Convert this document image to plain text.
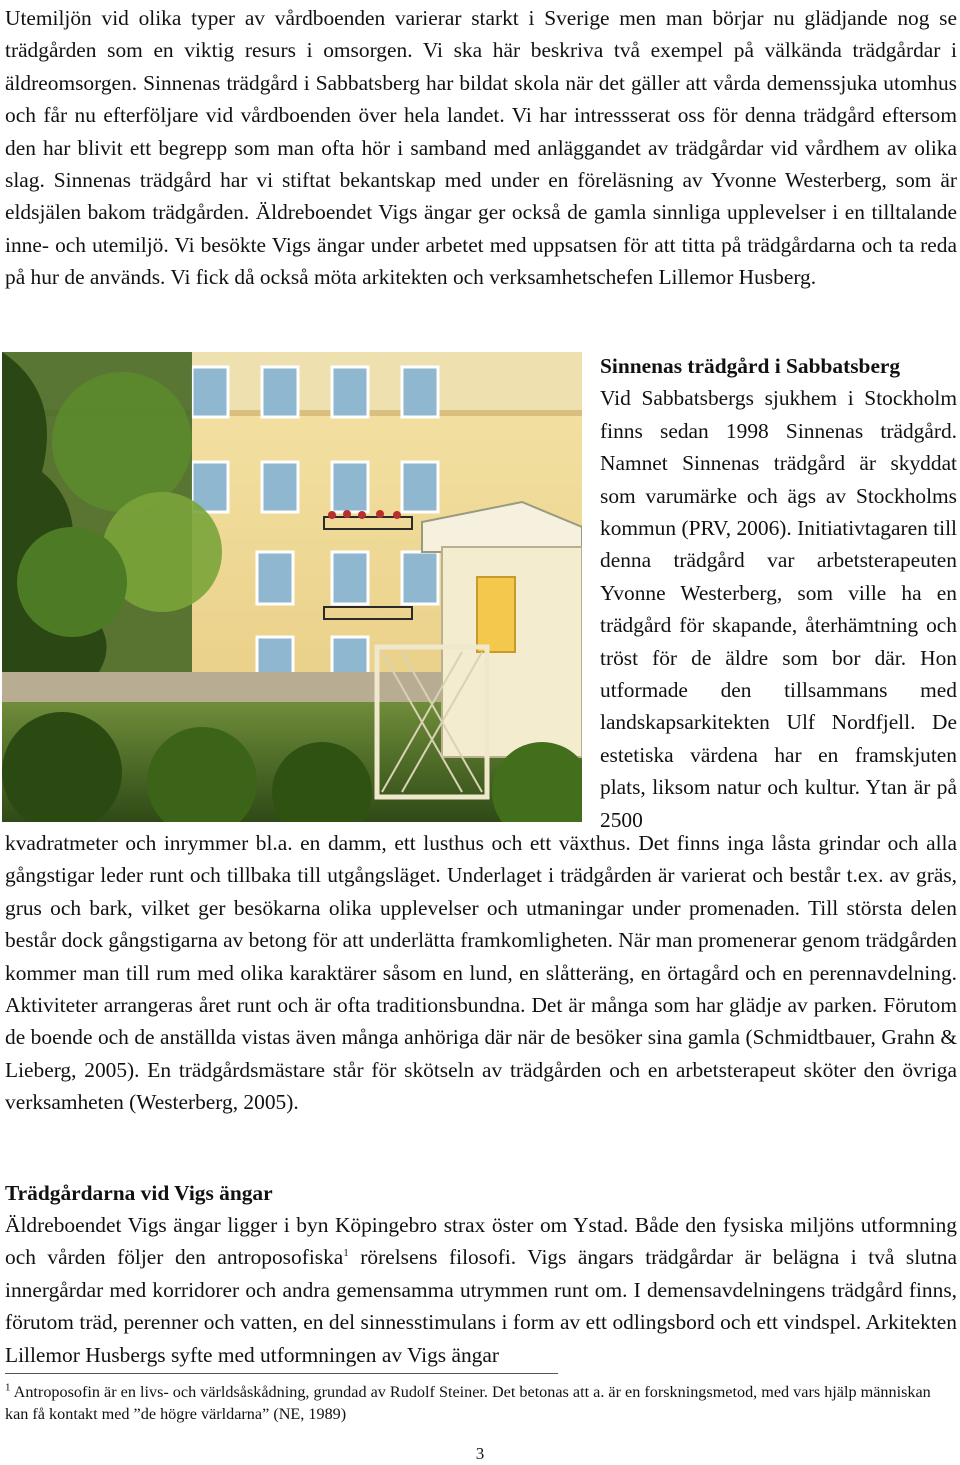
Utemiljön vid olika typer av vårdboenden varierar starkt i Sverige men man börjar nu glädjande nog se trädgården som en viktig resurs i omsorgen. Vi ska här beskriva två exempel på välkända trädgårdar i äldreomsorgen. Sinnenas trädgård i Sabbatsberg har bildat skola när det gäller att vårda demenssjuka utomhus och får nu efterföljare vid vårdboenden över hela landet. Vi har intressserat oss för denna trädgård eftersom den har blivit ett begrepp som man ofta hör i samband med anläggandet av trädgårdar vid vårdhem av olika slag. Sinnenas trädgård har vi stiftat bekantskap med under en föreläsning av Yvonne Westerberg, som är eldsjälen bakom trädgården. Äldreboendet Vigs ängar ger också de gamla sinnliga upplevelser i en tilltalande inne- och utemiljö. Vi besökte Vigs ängar under arbetet med uppsatsen för att titta på trädgårdarna och ta reda på hur de används. Vi fick då också möta arkitekten och verksamhetschefen Lillemor Husberg.

Sinnenas trädgård i Sabbatsberg

Vid Sabbatsbergs sjukhem i Stockholm finns sedan 1998 Sinnenas trädgård. Namnet Sinnenas trädgård är skyddat som varumärke och ägs av Stockholms kommun (PRV, 2006). Initiativtagaren till denna trädgård var arbetsterapeuten Yvonne Westerberg, som ville ha en trädgård för skapande, återhämtning och tröst för de äldre som bor där. Hon utformade den tillsammans med landskapsarkitekten Ulf Nordfjell. De estetiska värdena har en framskjuten plats, liksom natur och kultur. Ytan är på 2500

kvadratmeter och inrymmer bl.a. en damm, ett lusthus och ett växthus. Det finns inga låsta grindar och alla gångstigar leder runt och tillbaka till utgångsläget. Underlaget i trädgården är varierat och består t.ex. av gräs, grus och bark, vilket ger besökarna olika upplevelser och utmaningar under promenaden. Till största delen består dock gångstigarna av betong för att underlätta framkomligheten. När man promenerar genom trädgården kommer man till rum med olika karaktärer såsom en lund, en slåtteräng, en örtagård och en perennavdelning. Aktiviteter arrangeras året runt och är ofta traditionsbundna. Det är många som har glädje av parken. Förutom de boende och de anställda vistas även många anhöriga där när de besöker sina gamla (Schmidtbauer, Grahn & Lieberg, 2005). En trädgårdsmästare står för skötseln av trädgården och en arbetsterapeut sköter den övriga verksamheten (Westerberg, 2005).

Trädgårdarna vid Vigs ängar

Äldreboendet Vigs ängar ligger i byn Köpingebro strax öster om Ystad. Både den fysiska miljöns utformning och vården följer den antroposofiska$^1$ rörelsens filosofi. Vigs ängars trädgårdar är belägna i två slutna innergårdar med korridorer och andra gemensamma utrymmen runt om. I demensavdelningens trädgård finns, förutom träd, perenner och vatten, en del sinnesstimulans i form av ett odlingsbord och ett vindspel. Arkitekten Lillemor Husbergs syfte med utformningen av Vigs ängar

$^1$ Antroposofin är en livs- och världsåskådning, grundad av Rudolf Steiner. Det betonas att a. är en forskningsmetod, med vars hjälp människan kan få kontakt med ”de högre världarna” (NE, 1989)

3
